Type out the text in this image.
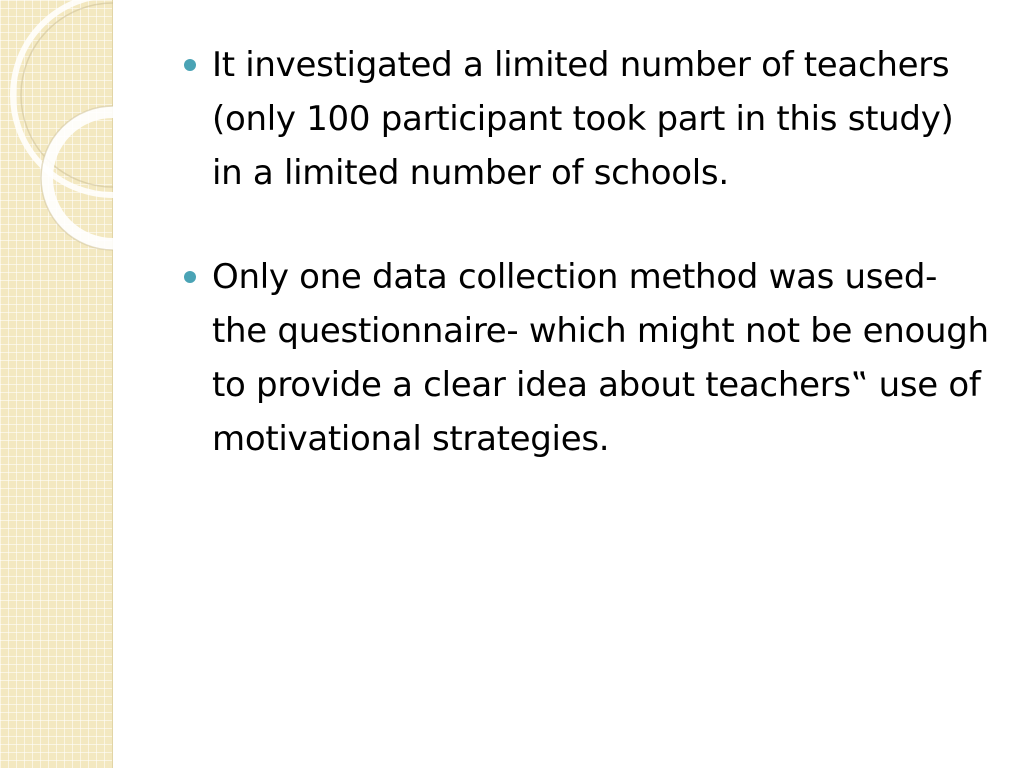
It investigated a limited number of teachers (only 100 participant took part in this study) in a limited number of schools.
Only one data collection method was used- the questionnaire- which might not be enough to provide a clear idea about teachers‟ use of motivational strategies.
